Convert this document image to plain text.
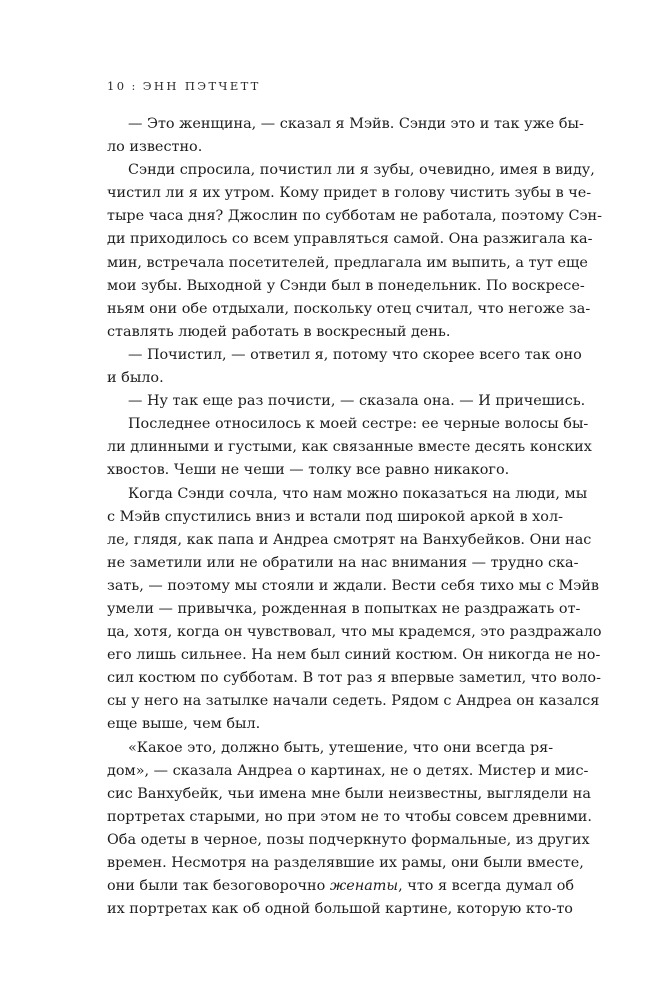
10 : ЭНН ПЭТЧЕТТ
— Это женщина, — сказал я Мэйв. Сэнди это и так уже бы-
ло известно.
Сэнди спросила, почистил ли я зубы, очевидно, имея в виду,
чистил ли я их утром. Кому придет в голову чистить зубы в че-
тыре часа дня? Джослин по субботам не работала, поэтому Сэн-
ди приходилось со всем управляться самой. Она разжигала ка-
мин, встречала посетителей, предлагала им выпить, а тут еще
мои зубы. Выходной у Сэнди был в понедельник. По воскресе-
ньям они обе отдыхали, поскольку отец считал, что негоже за-
ставлять людей работать в воскресный день.
— Почистил, — ответил я, потому что скорее всего так оно
и было.
— Ну так еще раз почисти, — сказала она. — И причешись.
Последнее относилось к моей сестре: ее черные волосы бы-
ли длинными и густыми, как связанные вместе десять конских
хвостов. Чеши не чеши — толку все равно никакого.
Когда Сэнди сочла, что нам можно показаться на люди, мы
с Мэйв спустились вниз и встали под широкой аркой в хол-
ле, глядя, как папа и Андреа смотрят на Ванхубейков. Они нас
не заметили или не обратили на нас внимания — трудно ска-
зать, — поэтому мы стояли и ждали. Вести себя тихо мы с Мэйв
умели — привычка, рожденная в попытках не раздражать от-
ца, хотя, когда он чувствовал, что мы крадемся, это раздражало
его лишь сильнее. На нем был синий костюм. Он никогда не но-
сил костюм по субботам. В тот раз я впервые заметил, что воло-
сы у него на затылке начали седеть. Рядом с Андреа он казался
еще выше, чем был.
«Какое это, должно быть, утешение, что они всегда ря-
дом», — сказала Андреа о картинах, не о детях. Мистер и мис-
сис Ванхубейк, чьи имена мне были неизвестны, выглядели на
портретах старыми, но при этом не то чтобы совсем древними.
Оба одеты в черное, позы подчеркнуто формальные, из других
времен. Несмотря на разделявшие их рамы, они были вместе,
они были так безоговорочно женаты, что я всегда думал об
их портретах как об одной большой картине, которую кто-то
